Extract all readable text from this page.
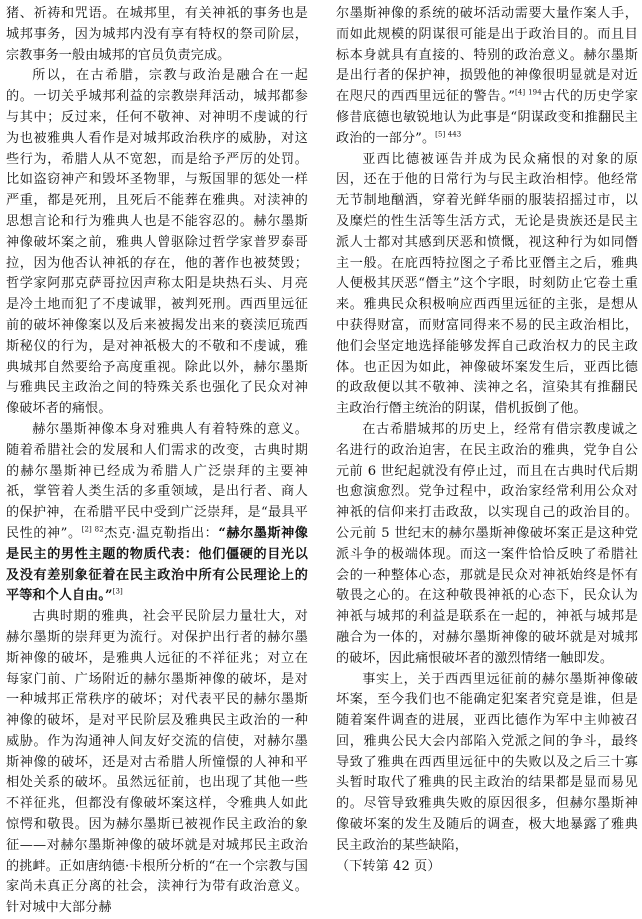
猪、祈祷和咒语。在城邦里，有关神祇的事务也是城邦事务，因为城邦内没有享有特权的祭司阶层，宗教事务一般由城邦的官员负责完成。

所以，在古希腊，宗教与政治是融合在一起的。一切关乎城邦利益的宗教崇拜活动，城邦都参与其中；反过来，任何不敬神、对神明不虔诚的行为也被雅典人看作是对城邦政治秩序的威胁，对这些行为，希腊人从不宽恕，而是给予严厉的处罚。比如盗窃神产和毁坏圣物罪，与叛国罪的惩处一样严重，都是死刑，且死后不能葬在雅典。对渎神的思想言论和行为雅典人也是不能容忍的。赫尔墨斯神像破坏案之前，雅典人曾驱除过哲学家普罗泰哥拉，因为他否认神祇的存在，他的著作也被焚毁；哲学家阿那克萨哥拉因声称太阳是块热石头、月亮是冷土地而犯了不虔诚罪，被判死刑。西西里远征前的破坏神像案以及后来被揭发出来的亵渎厄琉西斯秘仪的行为，是对神祇极大的不敬和不虔诚，雅典城邦自然要给予高度重视。除此以外，赫尔墨斯与雅典民主政治之间的特殊关系也强化了民众对神像破坏者的痛恨。

赫尔墨斯神像本身对雅典人有着特殊的意义。随着希腊社会的发展和人们需求的改变，古典时期的赫尔墨斯神已经成为希腊人广泛崇拜的主要神祇，掌管着人类生活的多重领域，是出行者、商人的保护神，在希腊平民中受到广泛崇拜，是“最具平民性的神”。$^{[2] 82}$杰克·温克勒指出：“赫尔墨斯神像是民主的男性主题的物质代表：他们僵硬的目光以及没有差别象征着在民主政治中所有公民理论上的平等和个人自由。”[3]

古典时期的雅典，社会平民阶层力量壮大，对赫尔墨斯的崇拜更为流行。对保护出行者的赫尔墨斯神像的破坏，是雅典人远征的不祥征兆；对立在每家门前、广场附近的赫尔墨斯神像的破坏，是对一种城邦正常秩序的破坏；对代表平民的赫尔墨斯神像的破坏，是对平民阶层及雅典民主政治的一种威胁。作为沟通神人间友好交流的信使，对赫尔墨斯神像的破坏，还是对古希腊人所憧憬的人神和平相处关系的破坏。虽然远征前，也出现了其他一些不祥征兆，但都没有像破坏案这样，令雅典人如此惊愕和敬畏。因为赫尔墨斯已被视作民主政治的象征——对赫尔墨斯神像的破坏就是对城邦民主政治的挑衅。正如唐纳德·卡根所分析的“在一个宗教与国家尚未真正分离的社会，渎神行为带有政治意义。针对城中大部分赫

尔墨斯神像的系统的破坏活动需要大量作案人手，而如此规模的阴谋很可能是出于政治目的。而且目标本身就具有直接的、特别的政治意义。赫尔墨斯是出行者的保护神，损毁他的神像很明显就是对近在咫尺的西西里远征的警告。”$^{[4] 194}$古代的历史学家修昔底德也敏锐地认为此事是“阴谋政变和推翻民主政治的一部分”。$^{[5] 443}$

亚西比德被诬告并成为民众痛恨的对象的原因，还在于他的日常行为与民主政治相悖。他经常无节制地酗酒，穿着光鲜华丽的服装招摇过市，以及糜烂的性生活等生活方式，无论是贵族还是民主派人士都对其感到厌恶和愤慨，视这种行为如同僭主一般。在庇西特拉图之子希比亚僭主之后，雅典人便极其厌恶“僭主”这个字眼，时刻防止它卷土重来。雅典民众积极响应西西里远征的主张，是想从中获得财富，而财富同得来不易的民主政治相比，他们会坚定地选择能够发挥自己政治权力的民主政体。也正因为如此，神像破坏案发生后，亚西比德的政敌便以其不敬神、渎神之名，渲染其有推翻民主政治行僭主统治的阴谋，借机扳倒了他。

在古希腊城邦的历史上，经常有借宗教虔诚之名进行的政治迫害，在民主政治的雅典，党争自公元前 6 世纪起就没有停止过，而且在古典时代后期也愈演愈烈。党争过程中，政治家经常利用公众对神祇的信仰来打击政敌，以实现自己的政治目的。公元前 5 世纪末的赫尔墨斯神像破坏案正是这种党派斗争的极端体现。而这一案件恰恰反映了希腊社会的一种整体心态，那就是民众对神祇始终是怀有敬畏之心的。在这种敬畏神祇的心态下，民众认为神祇与城邦的利益是联系在一起的，神祇与城邦是融合为一体的，对赫尔墨斯神像的破坏就是对城邦的破坏，因此痛恨破坏者的激烈情绪一触即发。

事实上，关于西西里远征前的赫尔墨斯神像破坏案，至今我们也不能确定犯案者究竟是谁，但是随着案件调查的进展，亚西比德作为军中主帅被召回，雅典公民大会内部陷入党派之间的争斗，最终导致了雅典在西西里远征中的失败以及之后三十寡头暂时取代了雅典的民主政治的结果都是显而易见的。尽管导致雅典失败的原因很多，但赫尔墨斯神像破坏案的发生及随后的调查，极大地暴露了雅典民主政治的某些缺陷，

（下转第 42 页）
